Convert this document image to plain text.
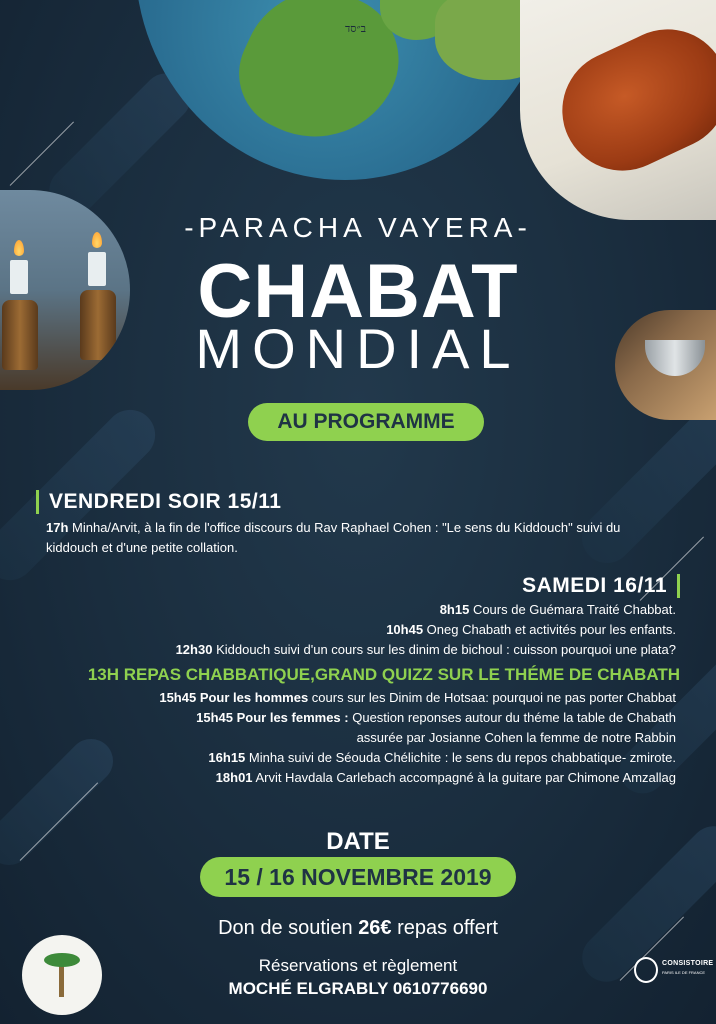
ב״סד
-PARACHA VAYERA-
CHABAT
MONDIAL
AU PROGRAMME
VENDREDI SOIR 15/11
17h Minha/Arvit, à la fin de l'office discours du Rav Raphael Cohen : "Le sens du Kiddouch" suivi du kiddouch et d'une petite collation.
SAMEDI 16/11
8h15 Cours de Guémara Traité Chabbat.
10h45 Oneg Chabath et activités pour les enfants.
12h30 Kiddouch suivi d'un cours sur les dinim de bichoul : cuisson pourquoi une plata?
13H REPAS CHABBATIQUE,GRAND QUIZZ SUR LE THÉME DE CHABATH
15h45 Pour les hommes cours sur les Dinim de Hotsaa: pourquoi ne pas porter Chabbat
15h45 Pour les femmes : Question reponses autour du théme la table de Chabath
assurée par Josianne Cohen la femme de notre Rabbin
16h15 Minha suivi de Séouda Chélichite : le sens du repos chabbatique- zmirote.
18h01 Arvit Havdala Carlebach accompagné à la guitare par Chimone Amzallag
DATE
15 / 16 NOVEMBRE 2019
Don de soutien 26€ repas offert
Réservations et règlement
MOCHÉ ELGRABLY 0610776690
CONSISTOIRE
PARIS ILE DE FRANCE
